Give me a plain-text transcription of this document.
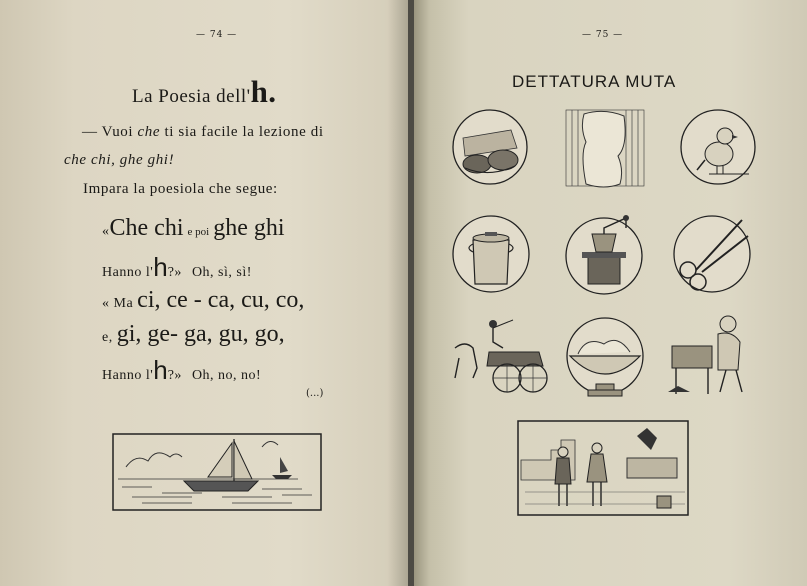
— 74 —
La Poesia dell'h.
— Vuoi che ti sia facile la lezione di
che chi, ghe ghi!
Impara la poesiola che segue:
«Che chi e poi ghe ghi
Hanno l'h?» Oh, sì, sì!
« Ma ci, ce - ca, cu, co,
e, gi, ge- ga, gu, go,
Hanno l'h?» Oh, no, no!
(...)
— 75 —
DETTATURA MUTA
